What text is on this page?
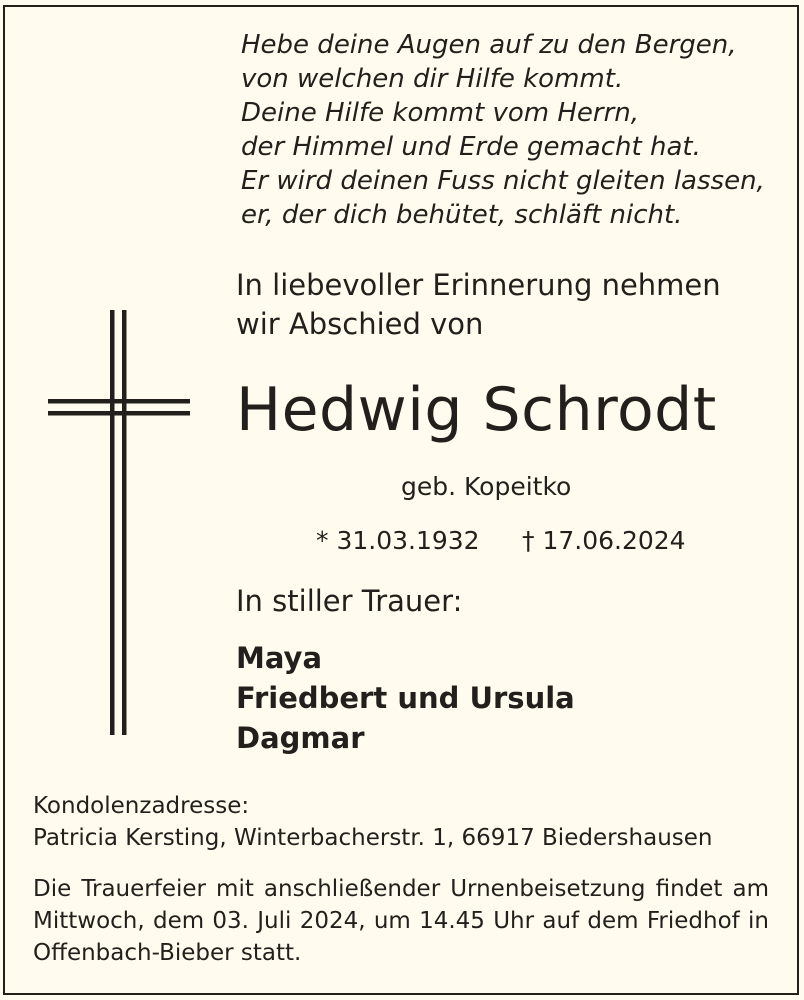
Hebe deine Augen auf zu den Bergen,
von welchen dir Hilfe kommt.
Deine Hilfe kommt vom Herrn,
der Himmel und Erde gemacht hat.
Er wird deinen Fuss nicht gleiten lassen,
er, der dich behütet, schläft nicht.
In liebevoller Erinnerung nehmen
wir Abschied von
Hedwig Schrodt
geb. Kopeitko
* 31.03.1932 † 17.06.2024
In stiller Trauer:
Maya
Friedbert und Ursula
Dagmar
Kondolenzadresse:
Patricia Kersting, Winterbacherstr. 1, 66917 Biedershausen
Die Trauerfeier mit anschließender Urnenbeisetzung findet am Mittwoch, dem 03. Juli 2024, um 14.45 Uhr auf dem Friedhof in Offenbach-Bieber statt.
